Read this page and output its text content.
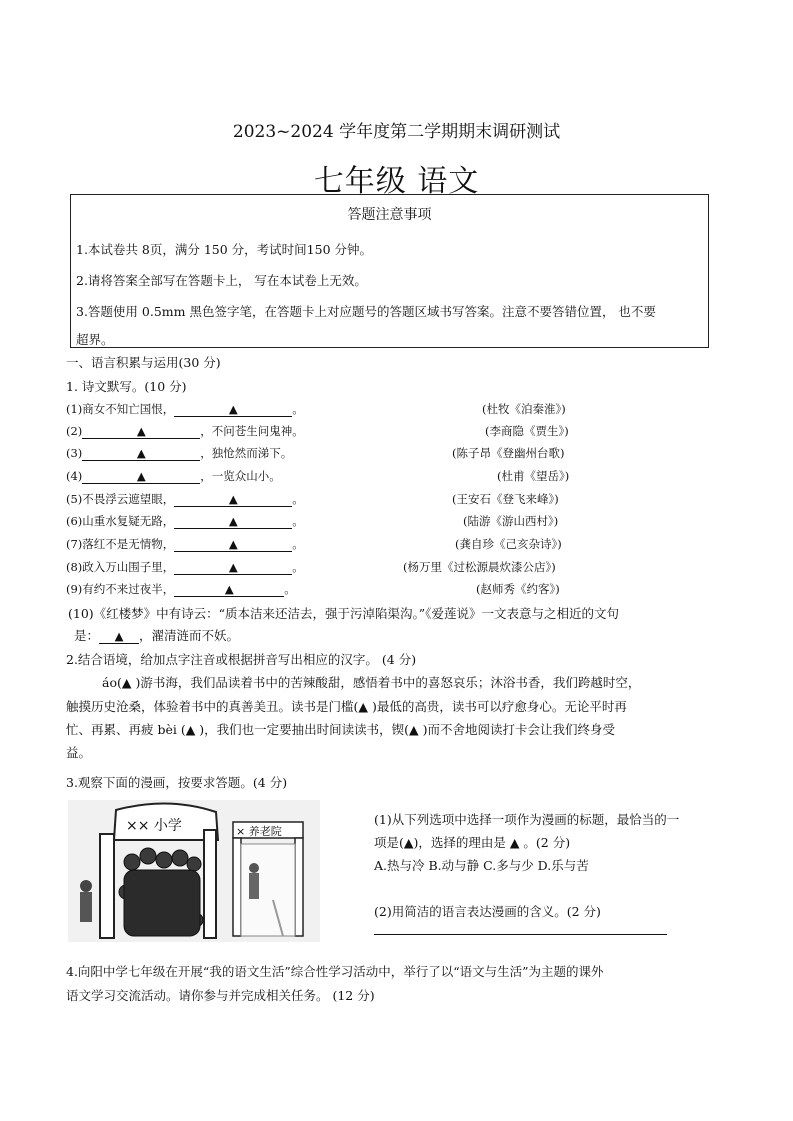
2023~2024 学年度第二学期期末调研测试
七年级 语文
答题注意事项
1.本试卷共 8页，满分 150 分，考试时间150 分钟。
2.请将答案全部写在答题卡上， 写在本试卷上无效。
3.答题使用 0.5mm 黑色签字笔，在答题卡上对应题号的答题区域书写答案。注意不要答错位置， 也不要
超界。
一、语言积累与运用(30 分)
1. 诗文默写。(10 分)
(1)商女不知亡国恨，	▲	。	(杜牧《泊秦淮》)
(2)	▲	，不问苍生问鬼神。	(李商隐《贾生》)
(3)	▲	，独怆然而涕下。	(陈子昂《登幽州台歌)
(4)	▲	，一览众山小。	(杜甫《望岳》)
(5)不畏浮云遮望眼，	▲	。	(王安石《登飞来峰》)
(6)山重水复疑无路，	▲	。	(陆游《游山西村》)
(7)落红不是无情物，	▲	。	(龚自珍《己亥杂诗》)
(8)政入万山围子里，	▲	。	(杨万里《过松源晨炊漆公店》)
(9)有约不来过夜半，	▲	。	(赵师秀《约客》)
(10)《红楼梦》中有诗云：“质本洁来还洁去，强于污淖陷渠沟。”《爱莲说》一文表意与之相近的文句
是： ▲ ，濯清涟而不妖。
2.结合语境，给加点字注音或根据拼音写出相应的汉字。 (4 分)
áo(▲ )游书海，我们品读着书中的苦辣酸甜，感悟着书中的喜怒哀乐；沐浴书香，我们跨越时空，
触摸历史沧桑，体验着书中的真善美丑。读书是门槛(▲ )最低的高贵，读书可以疗愈身心。无论平时再
忙、再累、再疲 bèi (▲ )，我们也一定要抽出时间读读书，锲(▲ )而不舍地阅读打卡会让我们终身受
益。
3.观察下面的漫画，按要求答题。(4 分)
×× 小学	× 养老院
(1)从下列选项中选择一项作为漫画的标题，最恰当的一
项是(▲)，选择的理由是 ▲ 。(2 分)
A.热与冷 B.动与静 C.多与少 D.乐与苦
(2)用简洁的语言表达漫画的含义。(2 分)
4.向阳中学七年级在开展“我的语文生活”综合性学习活动中，举行了以“语文与生活”为主题的课外
语文学习交流活动。请你参与并完成相关任务。 (12 分)
